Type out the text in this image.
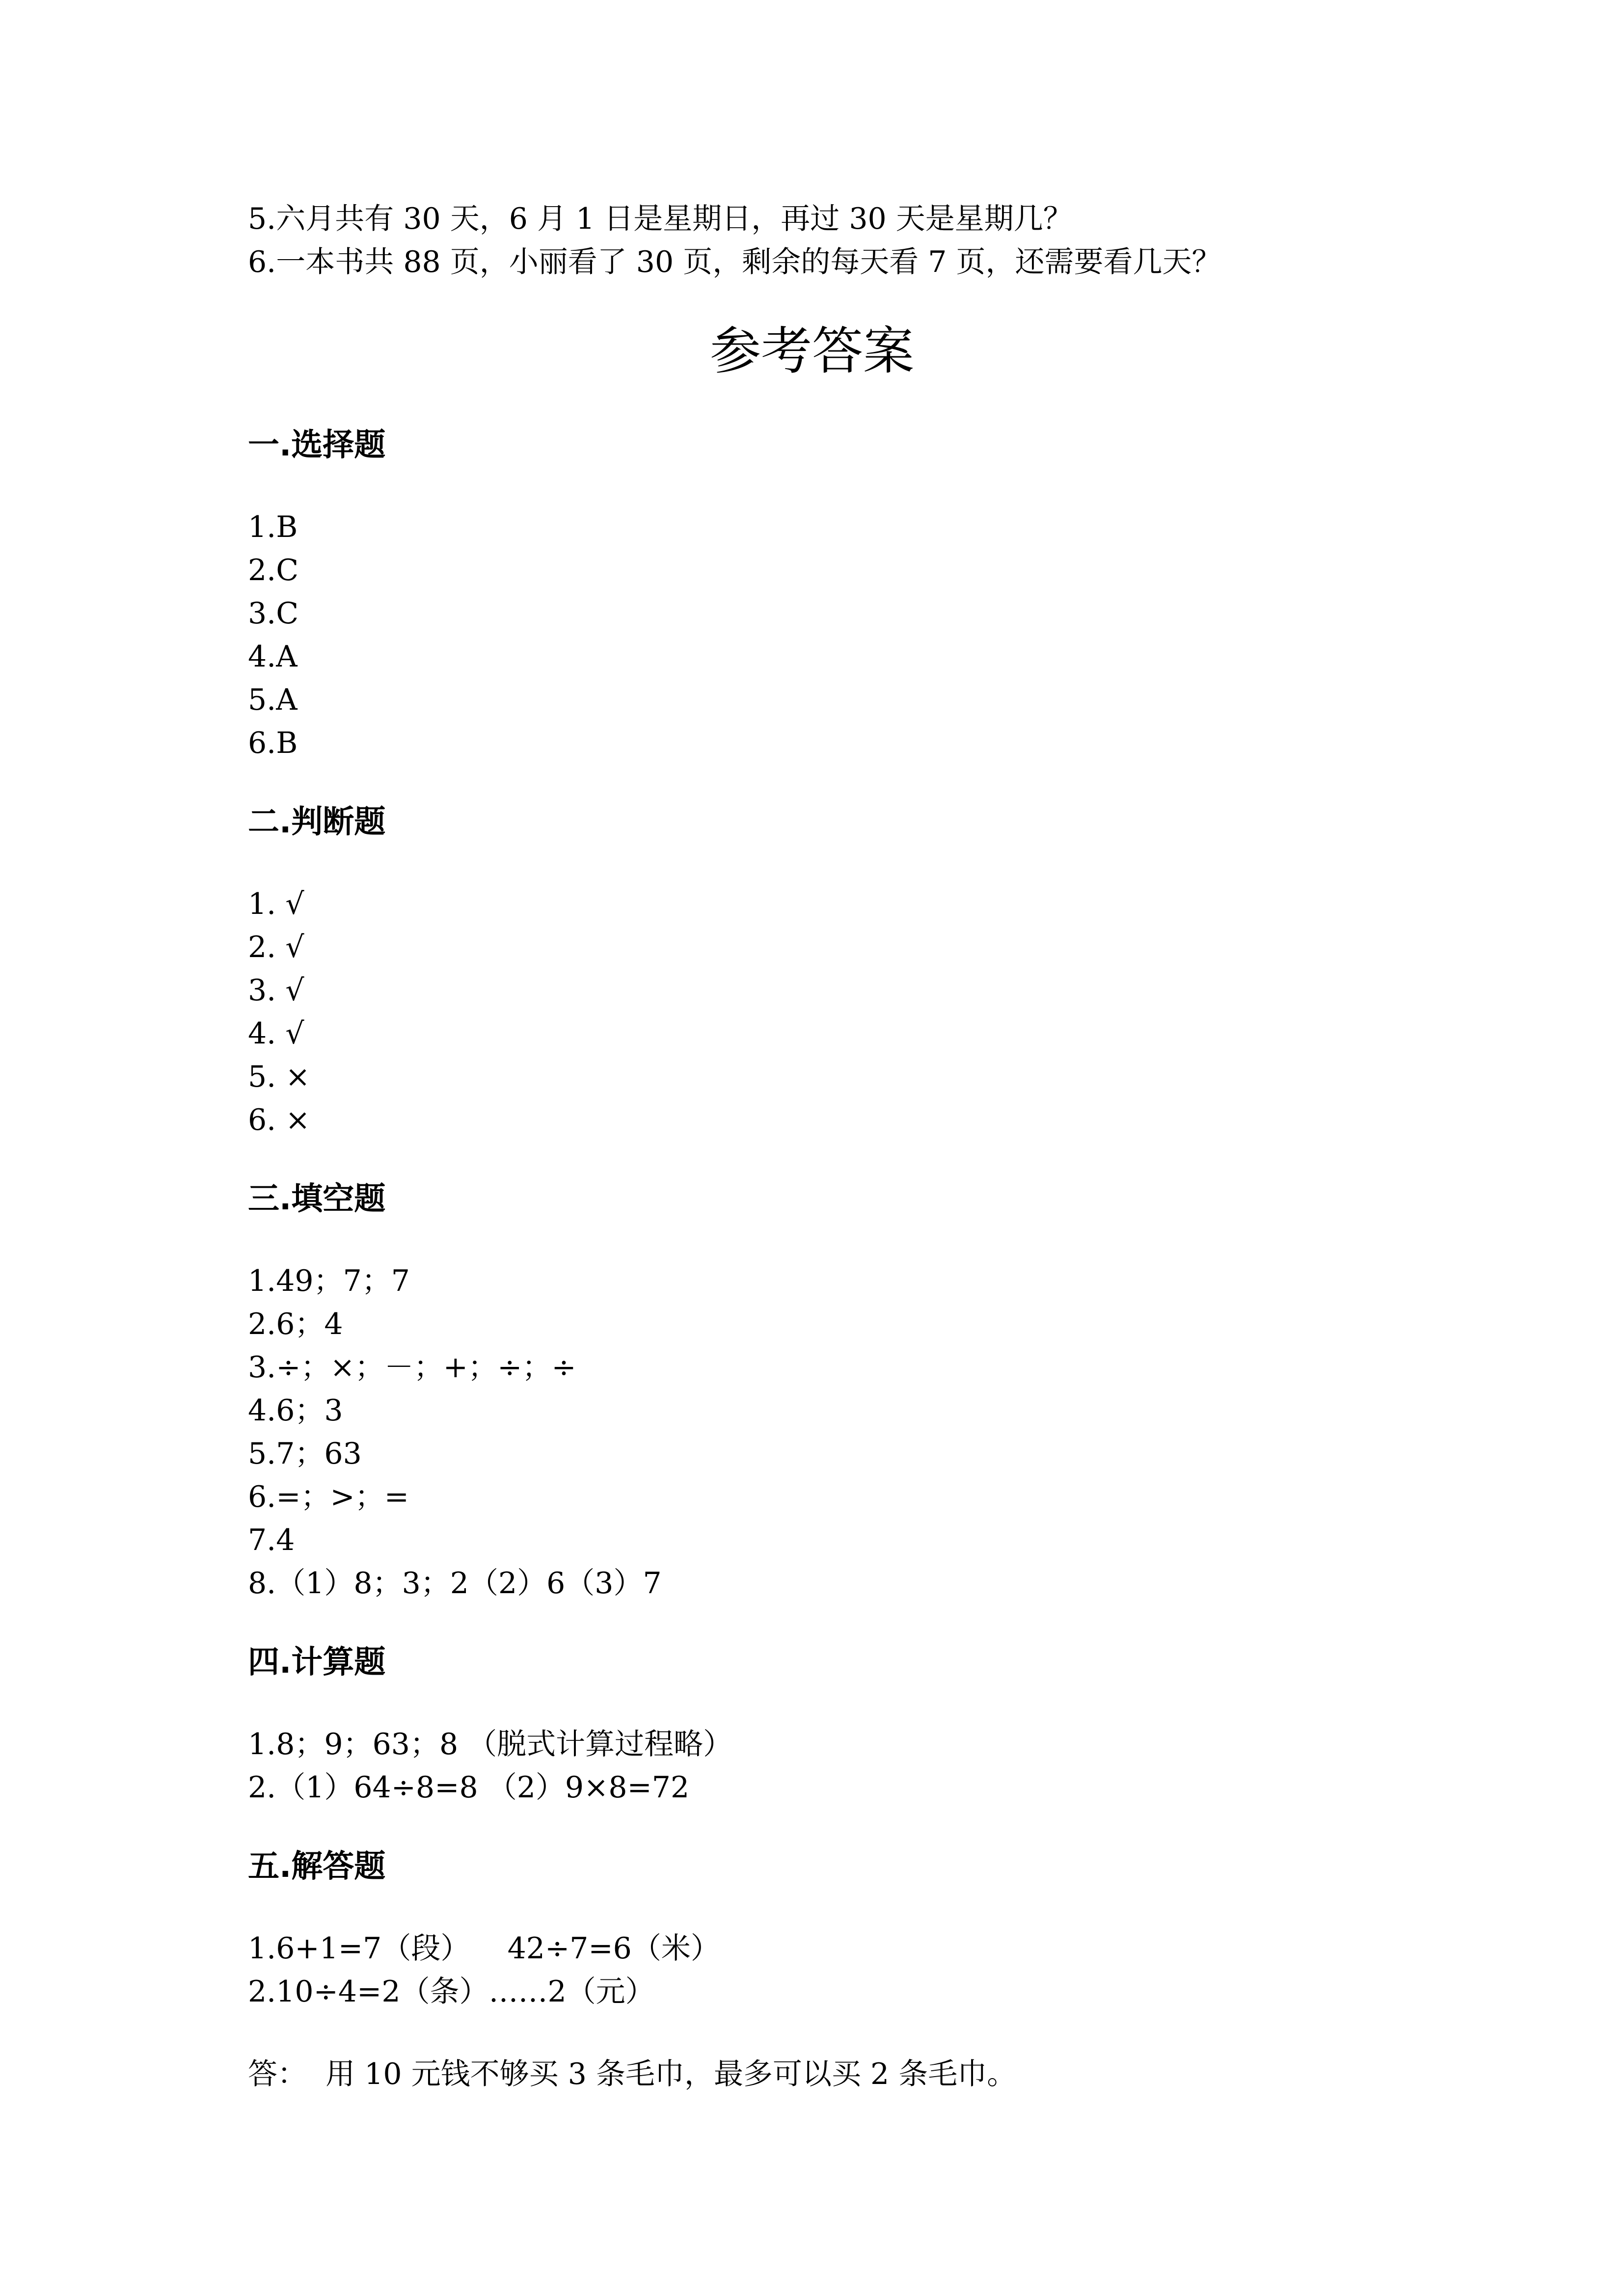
5.六月共有 30 天，6 月 1 日是星期日，再过 30 天是星期几？
6.一本书共 88 页，小丽看了 30 页，剩余的每天看 7 页，还需要看几天？
参考答案
一.选择题
1.B
2.C
3.C
4.A
5.A
6.B
二.判断题
1. √
2. √
3. √
4. √
5. ×
6. ×
三.填空题
1.49；7；7
2.6；4
3.÷；×；－；+；÷；÷
4.6；3
5.7；63
6.=；>；=
7.4
8.（1）8；3；2（2）6（3）7
四.计算题
1.8；9；63；8 （脱式计算过程略）
2.（1）64÷8=8 （2）9×8=72
五.解答题
1.6+1=7（段）    42÷7=6（米）
2.10÷4=2（条）……2（元）
答：  用 10 元钱不够买 3 条毛巾，最多可以买 2 条毛巾。
